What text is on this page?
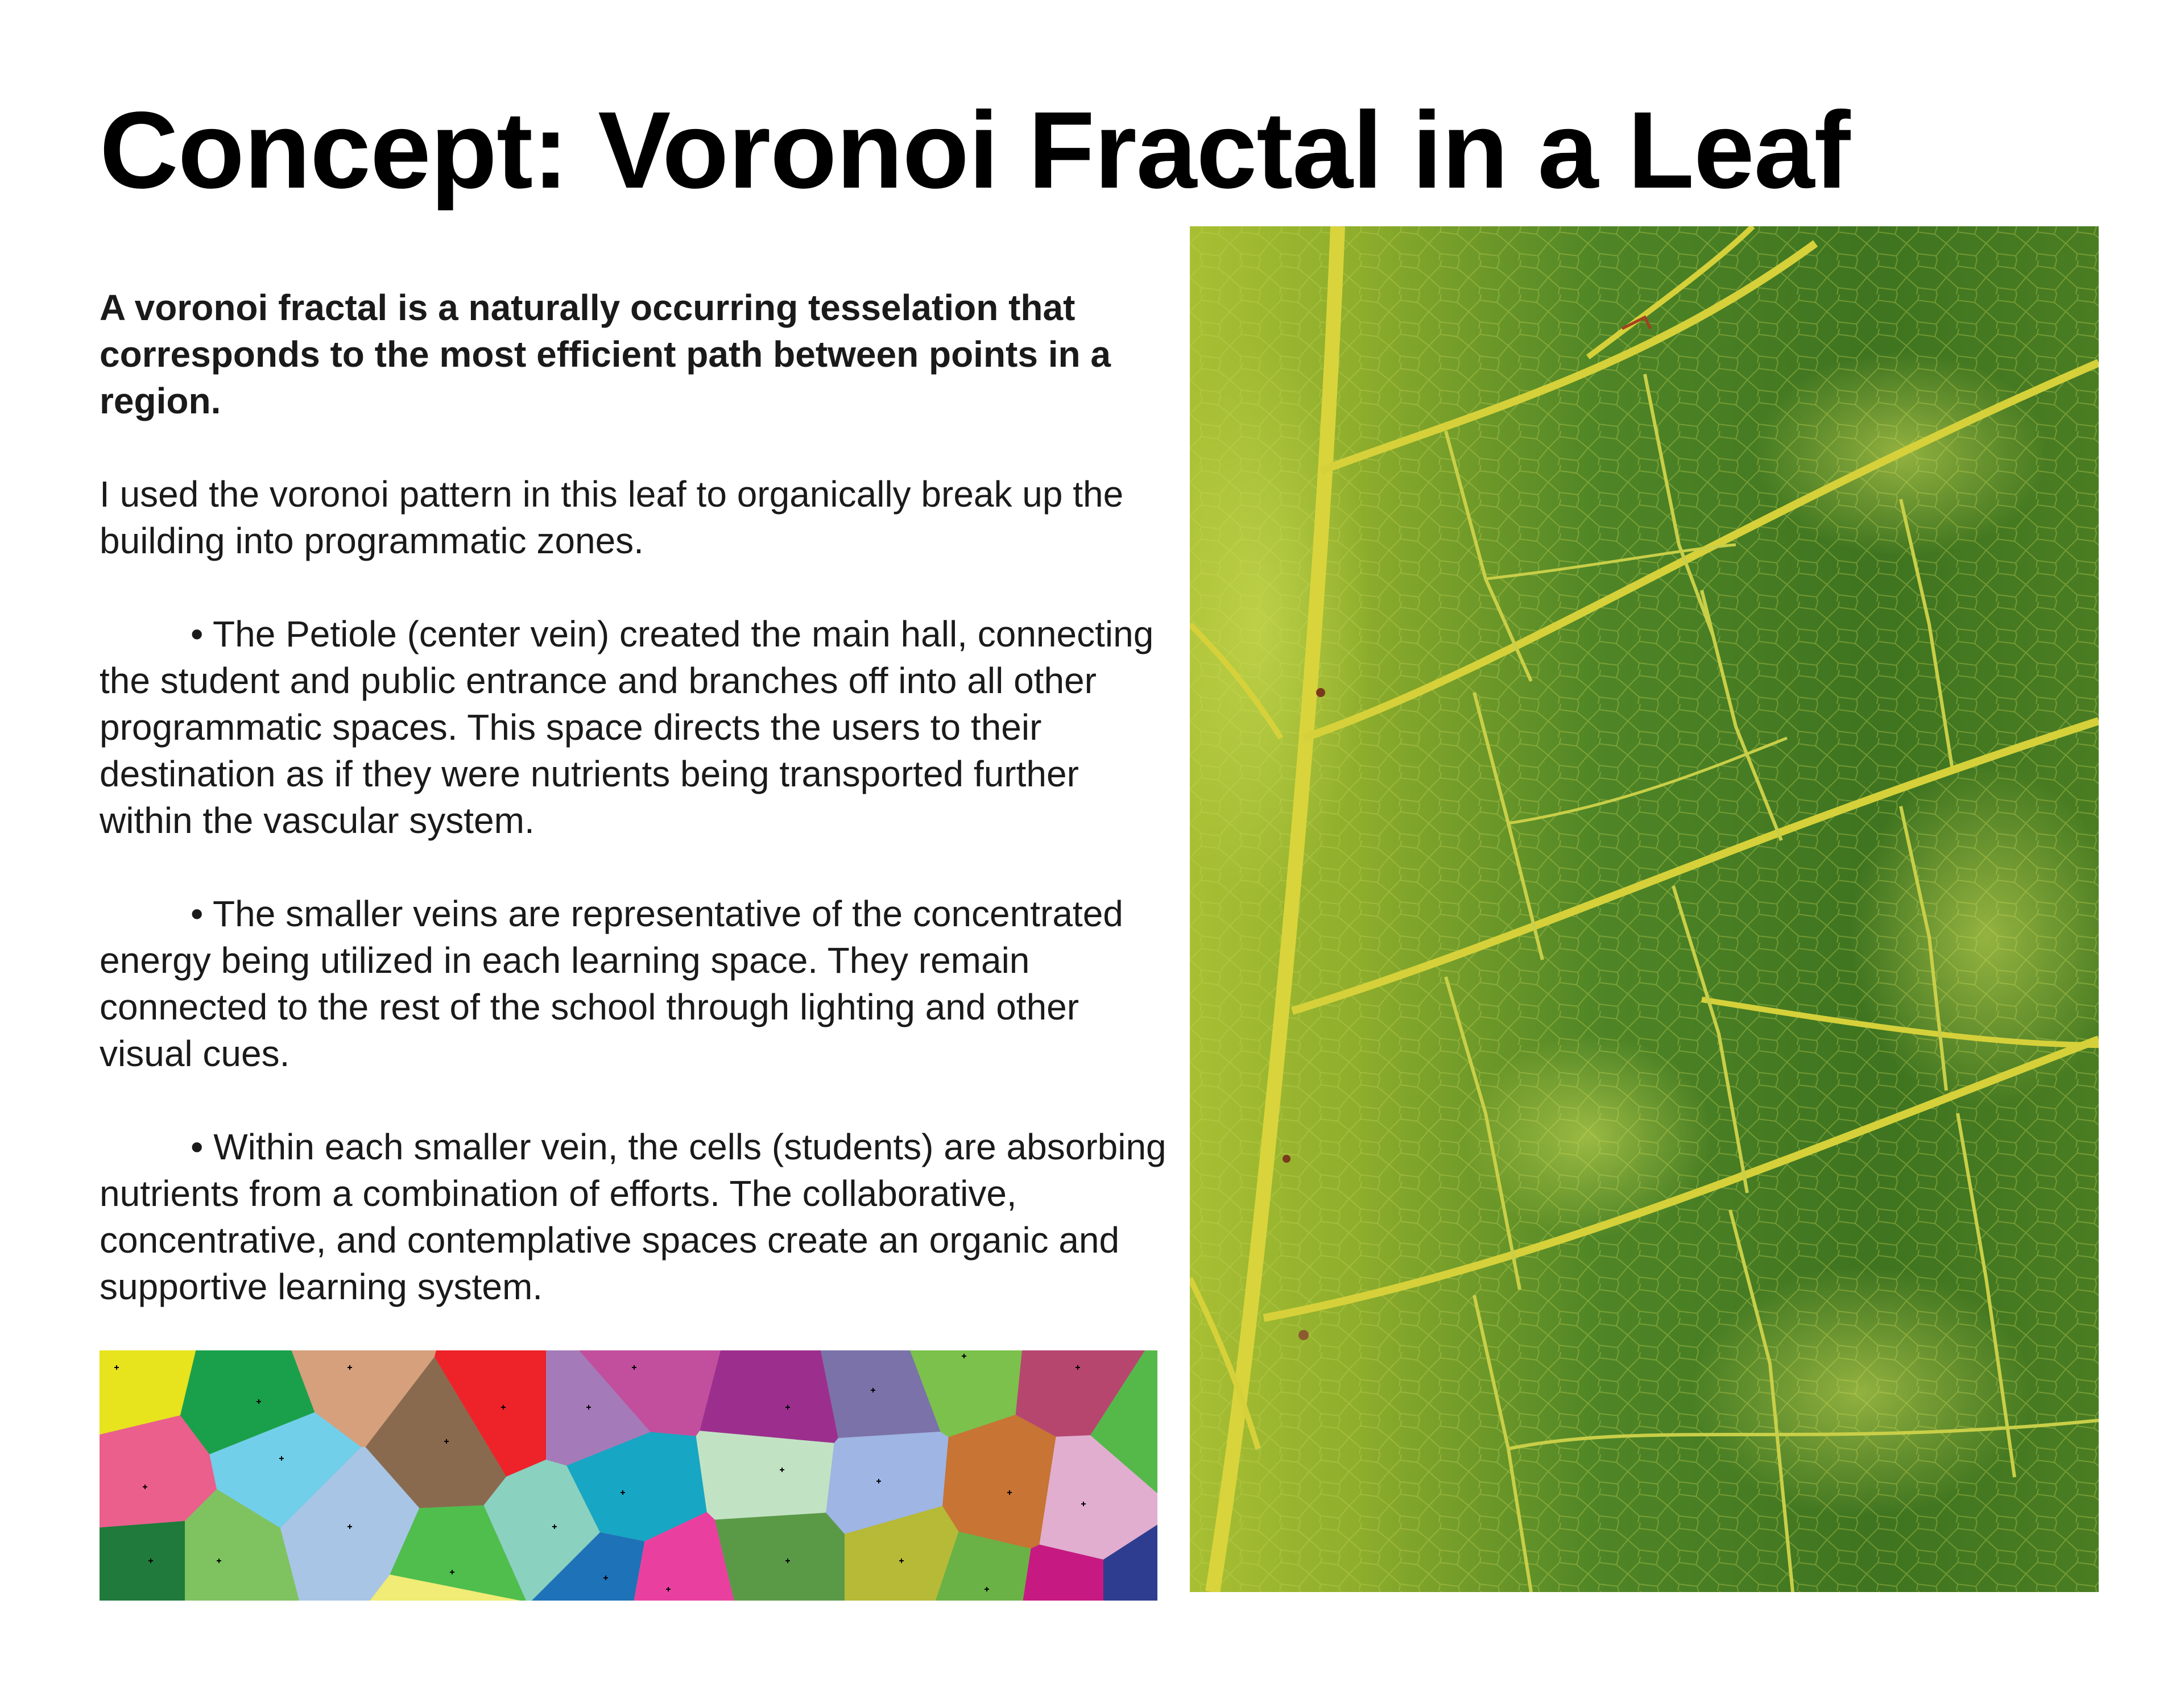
Concept: Voronoi Fractal in a Leaf

A voronoi fractal is a naturally occurring tesselation that corresponds to the most efficient path between points in a region.

I used the voronoi pattern in this leaf to organically break up the building into programmatic zones.

• The Petiole (center vein) created the main hall, connecting the student and public entrance and branches off into all other programmatic spaces. This space directs the users to their destination as if they were nutrients being transported further within the vascular system.

• The smaller veins are representative of the concentrated energy being utilized in each learning space. They remain connected to the rest of the school through lighting and other visual cues.

• Within each smaller vein, the cells (students) are absorbing nutrients from a combination of efforts. The collaborative, concentrative, and contemplative spaces create an organic and supportive learning system.
